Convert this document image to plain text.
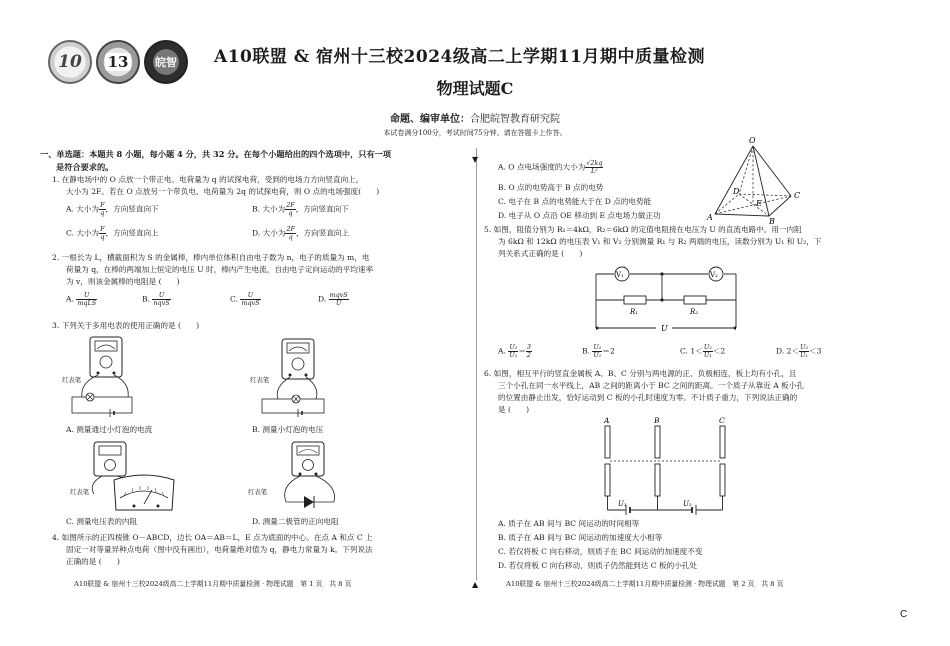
10 13 皖智 A10联盟 & 宿州十三校2024级高二上学期11月期中质量检测
物理试题C
命题、编审单位：合肥皖智教育研究院
本试卷满分100分，考试时间75分钟。请在答题卡上作答。
▼
▲
一、单选题：本题共 8 小题，每小题 4 分，共 32 分。在每个小题给出的四个选项中，只有一项
是符合要求的。
1. 在静电场中的 O 点放一个带正电、电荷量为 q 的试探电荷，受到的电场力方向竖直向上，
大小为 2F。若在 O 点放另一个带负电、电荷量为 2q 的试探电荷，则 O 点的电场强度(　　)
A. 大小为 $\frac{F}{q}$ ，方向竖直向下	B. 大小为 $\frac{2F}{q}$ ，方向竖直向下
C. 大小为 $\frac{F}{q}$ ，方向竖直向上	D. 大小为 $\frac{2F}{q}$ ，方向竖直向上
2. 一根长为 L，横截面积为 S 的金属棒，棒内单位体积自由电子数为 n，电子的质量为 m，电
荷量为 q，在棒的两端加上恒定的电压 U 时，棒内产生电流，自由电子定向运动的平均速率
为 v，则该金属棒的电阻是 (　　)
A. $\frac{U}{\text{mqLS}}$	B. $\frac{U}{\text{nqvS}}$	C. $\frac{U}{\text{mqvS}}$	D. $\frac{\text{mqvS}}{U}$
3. 下列关于多用电表的使用正确的是 (　　)
红表笔	红表笔
A. 测量通过小灯泡的电流	B. 测量小灯泡的电压
红表笔	红表笔
C. 测量电压表的内阻	D. 测量二极管的正向电阻
4. 如图所示的正四棱锥 O－ABCD，边长 OA＝AB＝L，E 点为底面的中心。在点 A 和点 C 上
固定一对等量异种点电荷（图中没有画出），电荷量绝对值为 q，静电力常量为 k。下列说法
正确的是 (　　)
A10联盟 & 宿州十三校2024级高二上学期11月期中质量检测 · 物理试题　第 1 页　共 8 页
A. O 点电场强度的大小为 $\frac{√2kq}{\text{L²}}$
B. O 点的电势高于 B 点的电势
C. 电子在 B 点的电势能大于在 D 点的电势能
D. 电子从 O 点沿 OE 移动到 E 点电场力做正功
O
A	B
C
D
E
5. 如图，阻值分别为 R₁＝4kΩ，R₂＝6kΩ 的定值电阻接在电压为 U 的直流电路中。用一内阻
为 6kΩ 和 12kΩ 的电压表 V₁ 和 V₂ 分别测量 R₁ 与 R₂ 两端的电压，读数分别为 U₁ 和 U₂，下
列关系式正确的是 (　　)
V₁	V₂
R₁	R₂
U
A. $\frac{\text{U₂}}{\text{U₁}} = \frac{3}{2}$	B. $\frac{\text{U₂}}{\text{U₁}} =2$	C. $1< \frac{\text{U₂}}{\text{U₁}} <2$	D. $2< \frac{\text{U₂}}{\text{U₁}} <3$
6. 如图，相互平行的竖直金属板 A、B、C 分别与两电源的正、负极相连，板上均有小孔，且
三个小孔在同一水平线上，AB 之间的距离小于 BC 之间的距离。一个质子从靠近 A 板小孔
的位置由静止出发，恰好运动到 C 板的小孔时速度为零。不计质子重力，下列说法正确的
是 (　　)
A	B	C
U₁	U₂
A. 质子在 AB 间与 BC 间运动的时间相等
B. 质子在 AB 间与 BC 间运动的加速度大小相等
C. 若仅将板 C 向右移动，则质子在 BC 间运动的加速度不变
D. 若仅将板 C 向右移动，则质子仍然能到达 C 板的小孔处
A10联盟 & 宿州十三校2024级高二上学期11月期中质量检测 · 物理试题　第 2 页　共 8 页
C
